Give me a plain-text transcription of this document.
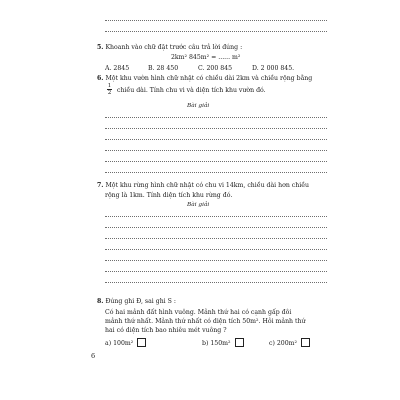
5. Khoanh vào chữ đặt trước câu trả lời đúng :
2km² 845m² = ...... m²
A. 2845	B. 28 450	C. 200 845	D. 2 000 845.
6. Một khu vườn hình chữ nhật có chiều dài 2km và chiều rộng bằng
1
2 chiều dài. Tính chu vi và diện tích khu vườn đó.
Bài giải
7. Một khu rừng hình chữ nhật có chu vi 14km, chiều dài hơn chiều
rộng là 1km. Tính diện tích khu rừng đó.
Bài giải
8. Đúng ghi Đ, sai ghi S :
Có hai mảnh đất hình vuông. Mảnh thứ hai có cạnh gấp đôi
mảnh thứ nhất. Mảnh thứ nhất có diện tích 50m². Hỏi mảnh thứ
hai có diện tích bao nhiêu mét vuông ?
a) 100m²	b) 150m²	c) 200m²
6
